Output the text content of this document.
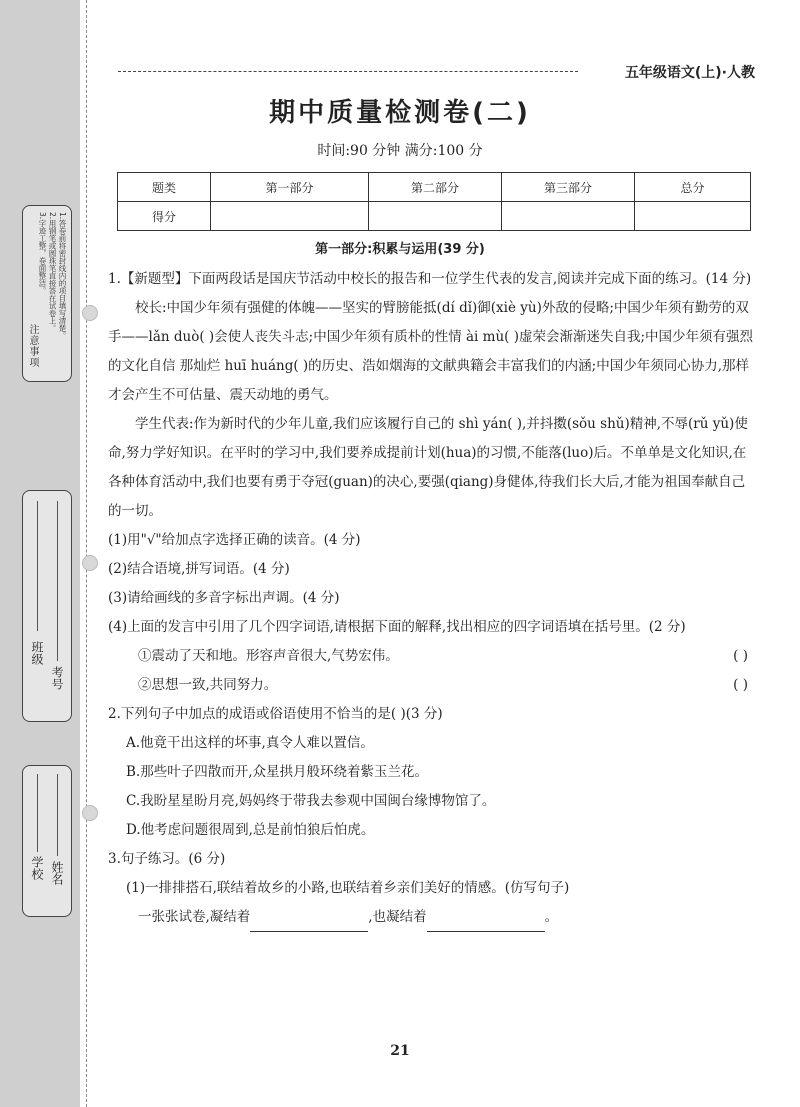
注意事项
1.答卷前将密封线内的项目填写清楚。
2.用钢笔或圆珠笔直接答在试卷上。
3.字迹工整，卷面整洁。
班级
考号
学校 姓名
五年级语文(上)·人教
期中质量检测卷(二)
时间:90 分钟 满分:100 分
题类	第一部分	第二部分	第三部分	总分
得分				
第一部分:积累与运用(39 分)

1.【新题型】下面两段话是国庆节活动中校长的报告和一位学生代表的发言,阅读并完成下面的练习。(14 分)

校长:中国少年须有强健的体魄——坚实的臂膀能抵(dí dǐ)御(xiè yù)外敌的侵略;中国少年须有勤劳的双手——lǎn duò( )会使人丧失斗志;中国少年须有质朴的性情 ài mù( )虚荣会渐渐迷失自我;中国少年须有强烈的文化自信 那灿烂 huī huáng( )的历史、浩如烟海的文献典籍会丰富我们的内涵;中国少年须同心协力,那样才会产生不可估量、震天动地的勇气。

学生代表:作为新时代的少年儿童,我们应该履行自己的 shì yán( ),并抖擞(sǒu shǔ)精神,不辱(rǔ yǔ)使命,努力学好知识。在平时的学习中,我们要养成提前计划(hua)的习惯,不能落(luo)后。不单单是文化知识,在各种体育活动中,我们也要有勇于夺冠(guan)的决心,要强(qiang)身健体,待我们长大后,才能为祖国奉献自己的一切。

(1)用"√"给加点字选择正确的读音。(4 分)

(2)结合语境,拼写词语。(4 分)

(3)请给画线的多音字标出声调。(4 分)

(4)上面的发言中引用了几个四字词语,请根据下面的解释,找出相应的四字词语填在括号里。(2 分)

①震动了天和地。形容声音很大,气势宏伟。	( )
②思想一致,共同努力。	( )

2.下列句子中加点的成语或俗语使用不恰当的是( )(3 分)

A.他竟干出这样的坏事,真令人难以置信。

B.那些叶子四散而开,众星拱月般环绕着紫玉兰花。

C.我盼星星盼月亮,妈妈终于带我去参观中国闽台缘博物馆了。

D.他考虑问题很周到,总是前怕狼后怕虎。

3.句子练习。(6 分)

(1)一排排搭石,联结着故乡的小路,也联结着乡亲们美好的情感。(仿写句子)

一张张试卷,凝结着	,也凝结着	。

21
